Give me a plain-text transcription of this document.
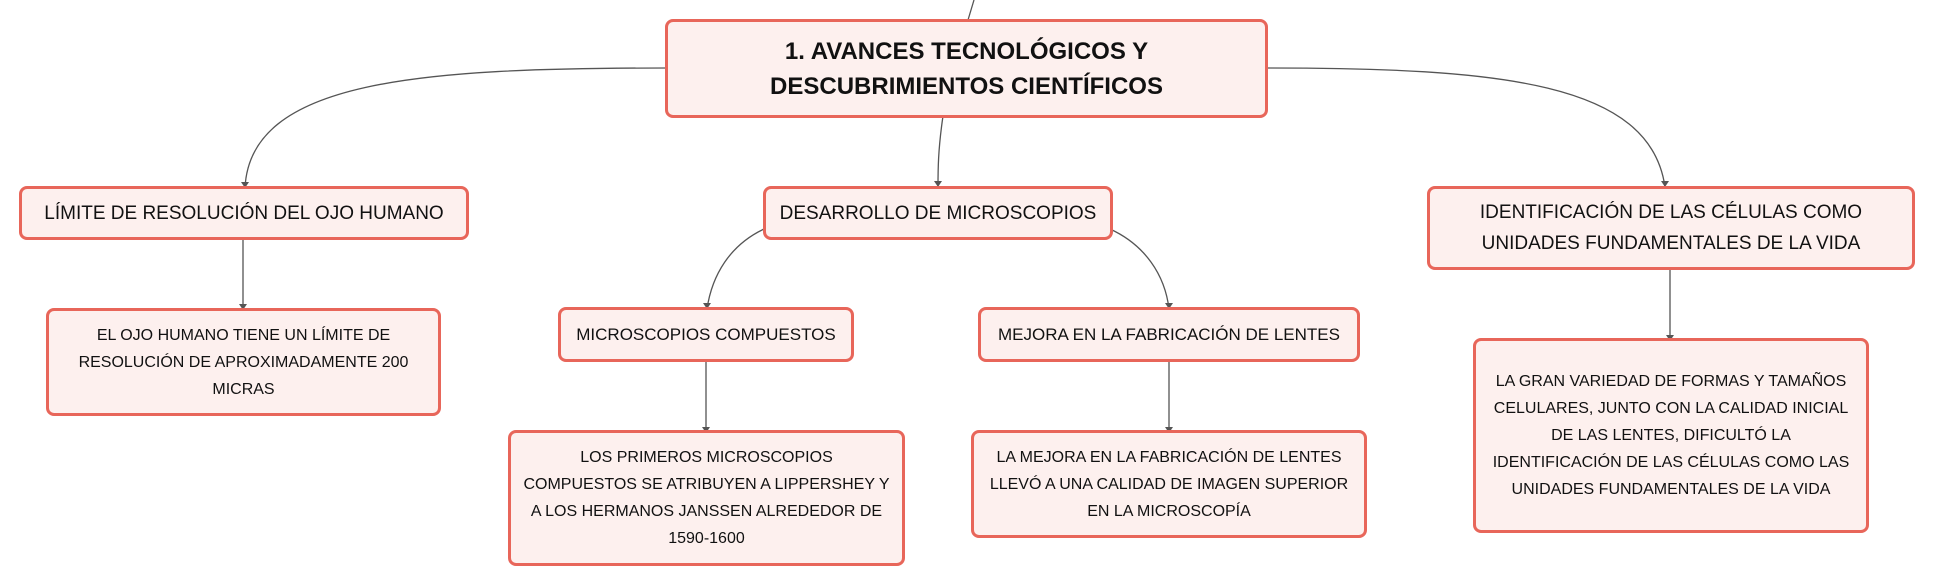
1. AVANCES TECNOLÓGICOS Y DESCUBRIMIENTOS CIENTÍFICOS
LÍMITE DE RESOLUCIÓN DEL OJO HUMANO	DESARROLLO DE MICROSCOPIOS	IDENTIFICACIÓN DE LAS CÉLULAS COMO UNIDADES FUNDAMENTALES DE LA VIDA
EL OJO HUMANO TIENE UN LÍMITE DE RESOLUCIÓN DE APROXIMADAMENTE 200 MICRAS
MICROSCOPIOS COMPUESTOS	MEJORA EN LA FABRICACIÓN DE LENTES
LOS PRIMEROS MICROSCOPIOS COMPUESTOS SE ATRIBUYEN A LIPPERSHEY Y A LOS HERMANOS JANSSEN ALREDEDOR DE 1590-1600
LA MEJORA EN LA FABRICACIÓN DE LENTES LLEVÓ A UNA CALIDAD DE IMAGEN SUPERIOR EN LA MICROSCOPÍA
LA GRAN VARIEDAD DE FORMAS Y TAMAÑOS CELULARES, JUNTO CON LA CALIDAD INICIAL DE LAS LENTES, DIFICULTÓ LA IDENTIFICACIÓN DE LAS CÉLULAS COMO LAS UNIDADES FUNDAMENTALES DE LA VIDA
